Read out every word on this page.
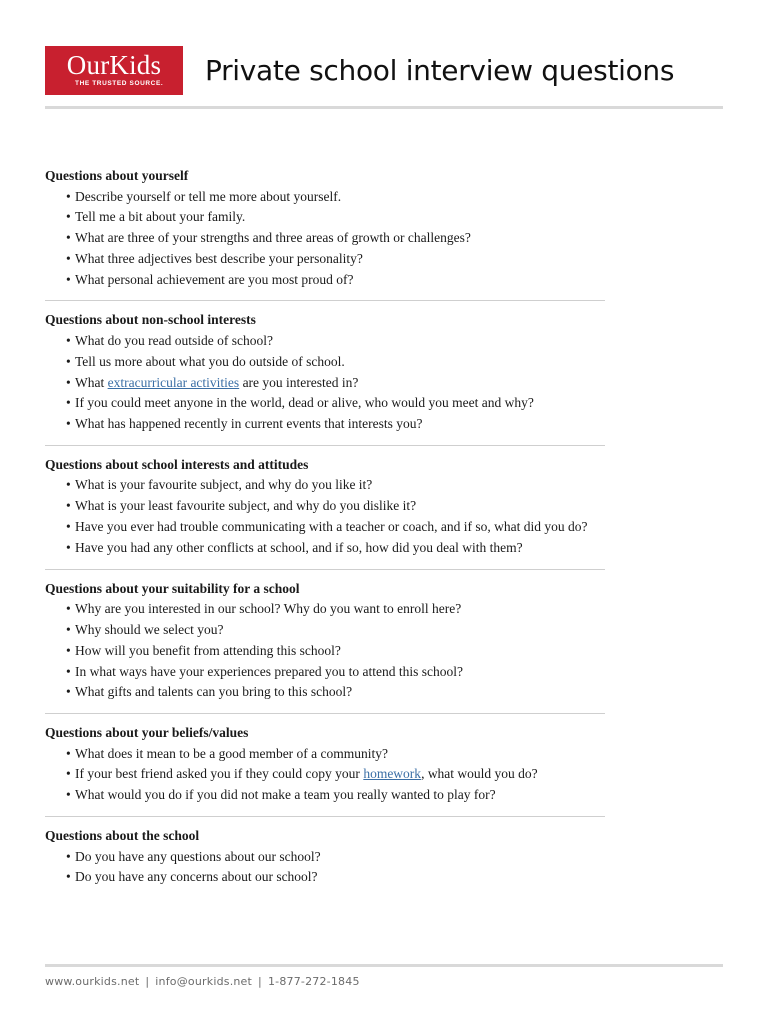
OurKids
THE TRUSTED SOURCE.	Private school interview questions
Questions about yourself
• Describe yourself or tell me more about yourself.
• Tell me a bit about your family.
• What are three of your strengths and three areas of growth or challenges?
• What three adjectives best describe your personality?
• What personal achievement are you most proud of?
Questions about non-school interests
• What do you read outside of school?
• Tell us more about what you do outside of school.
• What extracurricular activities are you interested in?
• If you could meet anyone in the world, dead or alive, who would you meet and why?
• What has happened recently in current events that interests you?
Questions about school interests and attitudes
• What is your favourite subject, and why do you like it?
• What is your least favourite subject, and why do you dislike it?
• Have you ever had trouble communicating with a teacher or coach, and if so, what did you do?
• Have you had any other conflicts at school, and if so, how did you deal with them?
Questions about your suitability for a school
• Why are you interested in our school? Why do you want to enroll here?
• Why should we select you?
• How will you benefit from attending this school?
• In what ways have your experiences prepared you to attend this school?
• What gifts and talents can you bring to this school?
Questions about your beliefs/values
• What does it mean to be a good member of a community?
• If your best friend asked you if they could copy your homework, what would you do?
• What would you do if you did not make a team you really wanted to play for?
Questions about the school
• Do you have any questions about our school?
• Do you have any concerns about our school?
www.ourkids.net | info@ourkids.net | 1-877-272-1845
